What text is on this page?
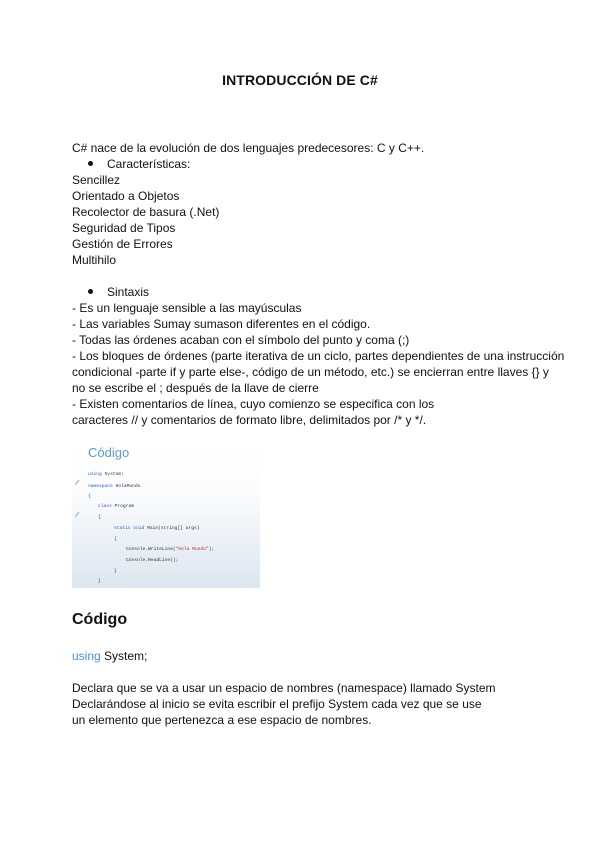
INTRODUCCIÓN DE C#
C# nace de la evolución de dos lenguajes predecesores: C y C++.
Características:
Sencillez
Orientado a Objetos
Recolector de basura (.Net)
Seguridad de Tipos
Gestión de Errores
Multihilo
Sintaxis
- Es un lenguaje sensible a las mayúsculas
- Las variables Sumay sumason diferentes en el código.
- Todas las órdenes acaban con el símbolo del punto y coma (;)
- Los bloques de órdenes (parte iterativa de un ciclo, partes dependientes de una instrucción
condicional -parte if y parte else-, código de un método, etc.) se encierran entre llaves {} y
no se escribe el ; después de la llave de cierre
- Existen comentarios de línea, cuyo comienzo se especifica con los
caracteres // y comentarios de formato libre, delimitados por /* y */.
Código
using System;
namespace HolaMundo
{
class Program
{
static void Main(string[] args)
{
Console.WriteLine("Hola Mundo");
Console.ReadLine();
}
}
Código
using System;
Declara que se va a usar un espacio de nombres (namespace) llamado System
Declarándose al inicio se evita escribir el prefijo System cada vez que se use
un elemento que pertenezca a ese espacio de nombres.
